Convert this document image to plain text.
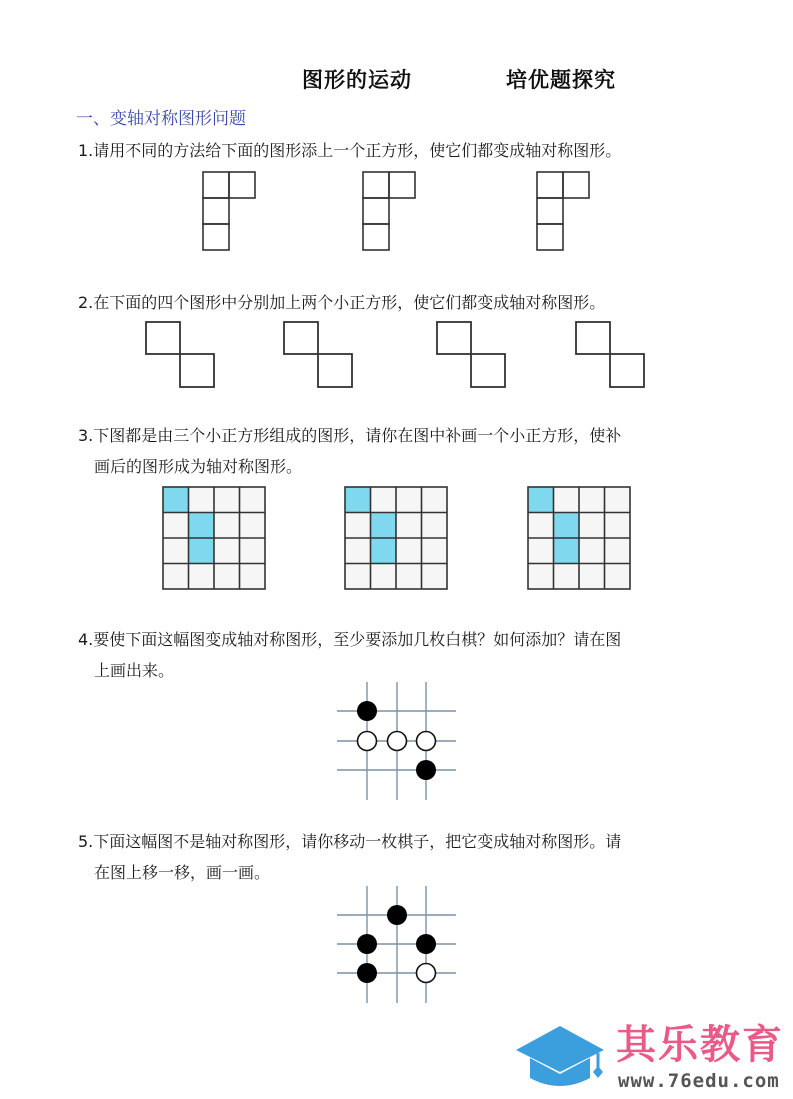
图形的运动	培优题探究
一、变轴对称图形问题
1.请用不同的方法给下面的图形添上一个正方形，使它们都变成轴对称图形。
2.在下面的四个图形中分别加上两个小正方形，使它们都变成轴对称图形。
3.下图都是由三个小正方形组成的图形，请你在图中补画一个小正方形，使补
画后的图形成为轴对称图形。
4.要使下面这幅图变成轴对称图形，至少要添加几枚白棋？如何添加？请在图
上画出来。
5.下面这幅图不是轴对称图形，请你移动一枚棋子，把它变成轴对称图形。请
在图上移一移，画一画。
其乐教育
www.76edu.com
